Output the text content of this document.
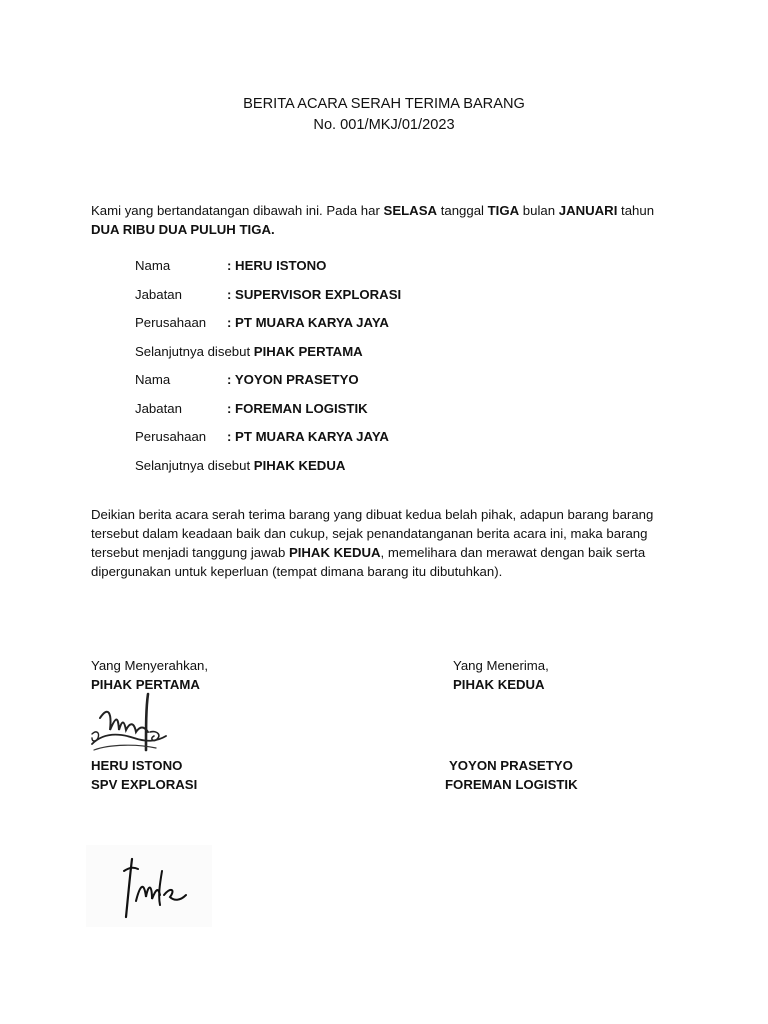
BERITA ACARA SERAH TERIMA BARANG
No. 001/MKJ/01/2023
Kami yang bertandatangan dibawah ini. Pada har SELASA tanggal TIGA bulan JANUARI tahun
DUA RIBU DUA PULUH TIGA.
Nama	: HERU ISTONO
Jabatan	: SUPERVISOR EXPLORASI
Perusahaan : PT MUARA KARYA JAYA
Selanjutnya disebut PIHAK PERTAMA
Nama	: YOYON PRASETYO
Jabatan	: FOREMAN LOGISTIK
Perusahaan : PT MUARA KARYA JAYA
Selanjutnya disebut PIHAK KEDUA
Deikian berita acara serah terima barang yang dibuat kedua belah pihak, adapun barang barang tersebut dalam keadaan baik dan cukup, sejak penandatanganan berita acara ini, maka barang tersebut menjadi tanggung jawab PIHAK KEDUA, memelihara dan merawat dengan baik serta dipergunakan untuk keperluan (tempat dimana barang itu dibutuhkan).
Yang Menyerahkan,
PIHAK PERTAMA
Yang Menerima,
PIHAK KEDUA
HERU ISTONO
SPV EXPLORASI
YOYON PRASETYO
FOREMAN LOGISTIK
